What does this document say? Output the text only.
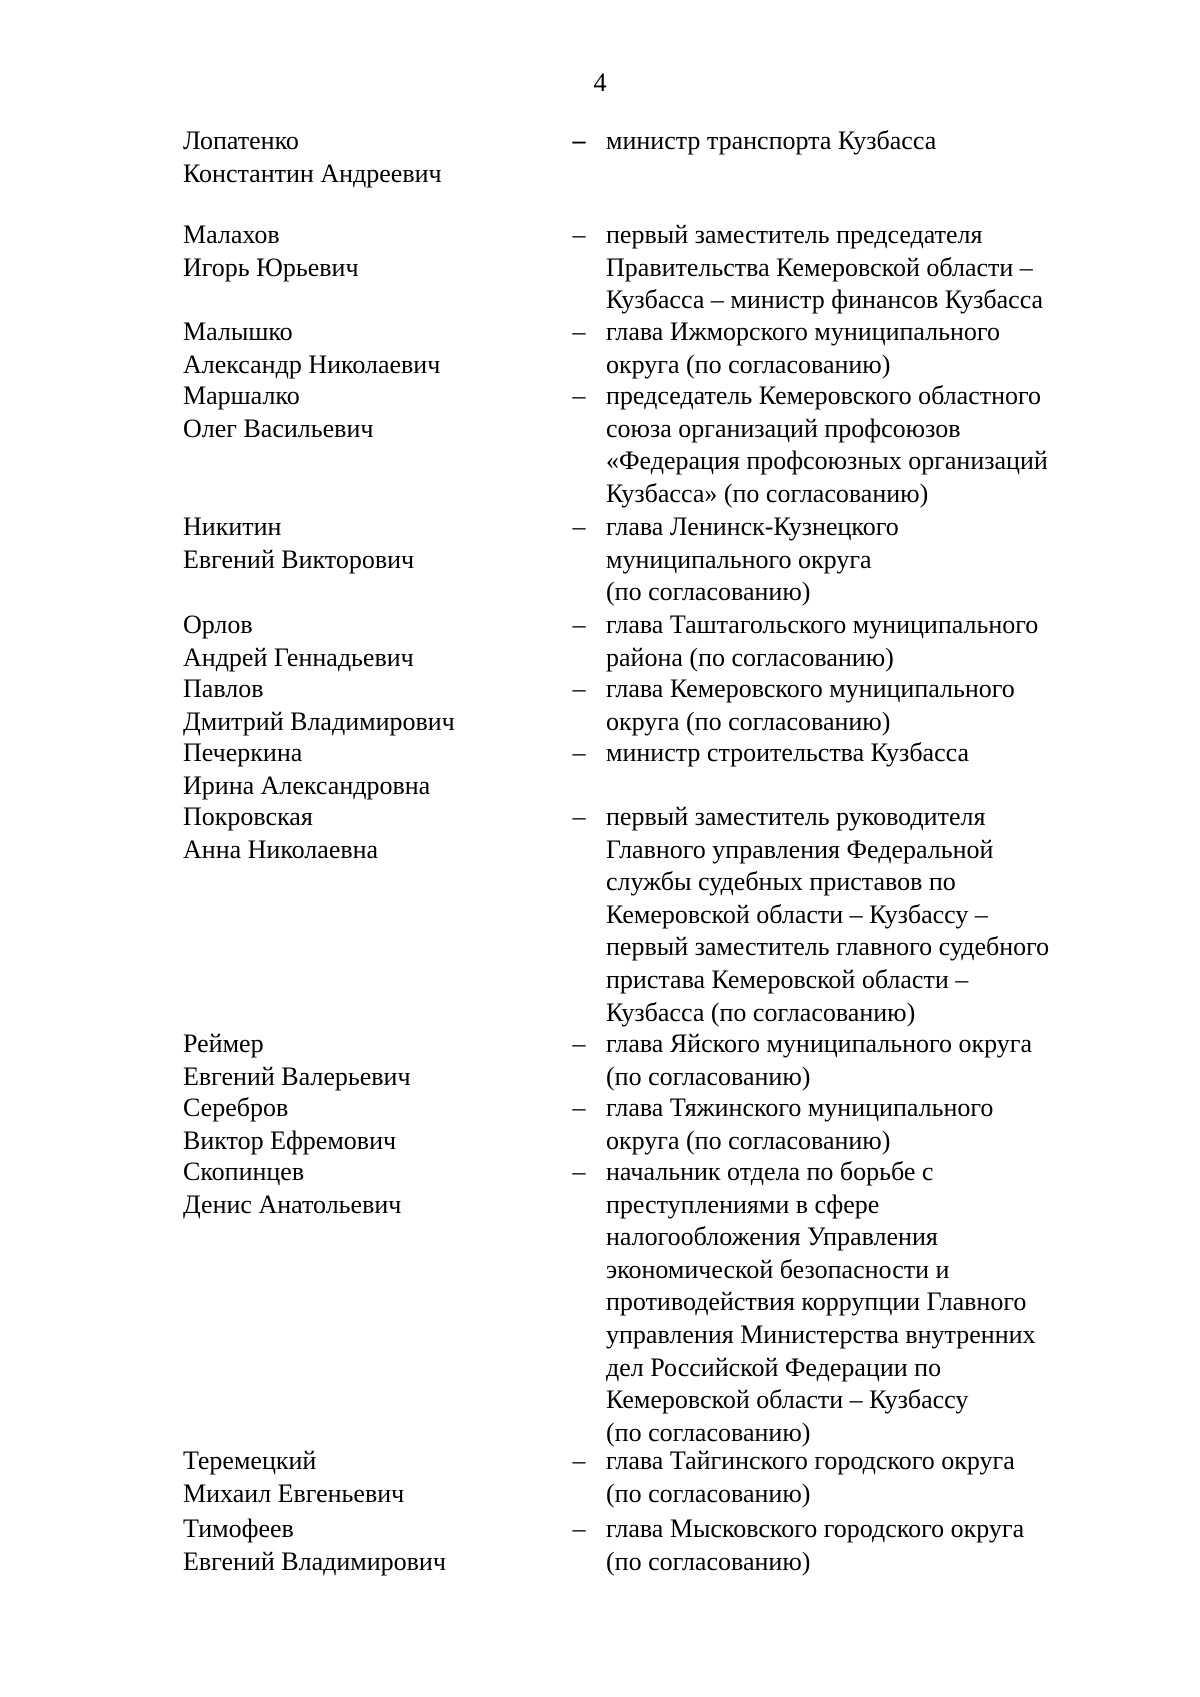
4
Лопатенко
Константин Андреевич
– министр транспорта Кузбасса
Малахов
Игорь Юрьевич
– первый заместитель председателя
Правительства Кемеровской области –
Кузбасса – министр финансов Кузбасса
Малышко
Александр Николаевич
– глава Ижморского муниципального
округа (по согласованию)
Маршалко
Олег Васильевич
– председатель Кемеровского областного
союза организаций профсоюзов
«Федерация профсоюзных организаций
Кузбасса» (по согласованию)
Никитин
Евгений Викторович
– глава Ленинск-Кузнецкого
муниципального округа
(по согласованию)
Орлов
Андрей Геннадьевич
– глава Таштагольского муниципального
района (по согласованию)
Павлов
Дмитрий Владимирович
– глава Кемеровского муниципального
округа (по согласованию)
Печеркина
Ирина Александровна
– министр строительства Кузбасса
Покровская
Анна Николаевна
– первый заместитель руководителя
Главного управления Федеральной
службы судебных приставов по
Кемеровской области – Кузбассу –
первый заместитель главного судебного
пристава Кемеровской области –
Кузбасса (по согласованию)
Реймер
Евгений Валерьевич
– глава Яйского муниципального округа
(по согласованию)
Серебров
Виктор Ефремович
– глава Тяжинского муниципального
округа (по согласованию)
Скопинцев
Денис Анатольевич
– начальник отдела по борьбе с
преступлениями в сфере
налогообложения Управления
экономической безопасности и
противодействия коррупции Главного
управления Министерства внутренних
дел Российской Федерации по
Кемеровской области – Кузбассу
(по согласованию)
Теремецкий
Михаил Евгеньевич
– глава Тайгинского городского округа
(по согласованию)
Тимофеев
Евгений Владимирович
– глава Мысковского городского округа
(по согласованию)
